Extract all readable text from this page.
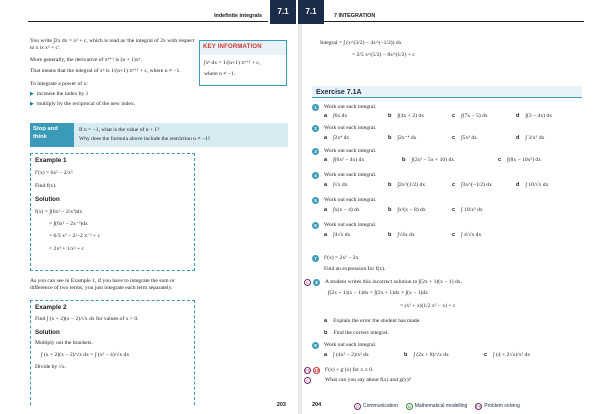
Indefinite integrals
7.1
You write ∫2x dx = x² + c, which is read as 'the integral of 2x with respect to x is x² + c'.
More generally, the derivative of xⁿ⁺¹ is (n + 1)xⁿ.
That means that the integral of xⁿ is 1/(n+1) xⁿ⁺¹ + c, where n ≠ −1.
To integrate a power of x:
▶ increase the index by 1
▶ multiply by the reciprocal of the new index.
KEY INFORMATION
∫xⁿ dx = 1/(n+1) xⁿ⁺¹ + c,
where n ≠ −1.
Stop and think
If n = −1, what is the value of n + 1?
Why does the formula above include the restriction n ≠ −1?
Example 1
f′(x) = 6x² − 2/x³
Find f(x).
Solution
f(x) = ∫(6x² − 2/x³)dx
= ∫(6x² − 2x⁻³)dx
= 6/3 x³ − 2/−2 x⁻² + c
= 2x³ + 1/x² + c
As you can see in Example 1, if you have to integrate the sum or
difference of two terms, you just integrate each term separately.
Example 2
Find ∫ (x + 2)(x − 2)/√x dx for values of x > 0.
Solution
Multiply out the brackets.
∫ (x + 2)(x − 2)/√x dx = ∫ (x² − 4)/√x dx
Divide by √x.
203
7.1
7 INTEGRATION
Integral = ∫ (x^(3/2) − 4x^(−1/2)) dx
= 2/5 x^(5/2) − 8x^(1/2) + c
Exercise 7.1A
1	Work out each integral.
a ∫6x dx	b ∫(4x + 2) dx	c ∫(7x − 5) dx	d ∫(3 − 4x) dx
2	Work out each integral.
a ∫2x⁴ dx	b ∫2x⁻⁴ dx	c ∫5x³ dx	d ∫ 3/x⁵ dx
3	Work out each integral.
a ∫(6x² − 4x) dx	b ∫(2x³ − 5x + 10) dx	c ∫(8x − 10x²) dx
4	Work out each integral.
a ∫√x dx	b ∫2x^(1/2) dx	c ∫3x^(−1/2) dx	d ∫ 10/√x dx
5	Work out each integral.
a ∫x(x − 4) dx	b ∫x²(x − 8) dx	c ∫ 10/x³ dx
6	Work out each integral.
a ∫4√x dx	b ∫√4x dx	c ∫ 4/√x dx
7	f′(x) = 2x² − 2x
Find an expression for f(x).
C	8	A student writes this incorrect solution to ∫(2x + 1)(x − 1) dx.
∫(2x + 1)(x − 1)dx = ∫(2x + 1)dx × ∫(x − 1)dx
= (x² + x)(1/2 x² − x) + c
a Explain the error the student has made.
b Find the correct integral.
9	Work out each integral.
a ∫ (4x² − 2)/x² dx	b ∫ (2x + 8)/√x dx	c ∫ (4 + 2√x)/x² dx
PS 10 f′(x) + g′(x) for x ≥ 0.
C	What can you say about f(x) and g(x)?
204	C Communication	M Mathematical modelling PS Problem solving
